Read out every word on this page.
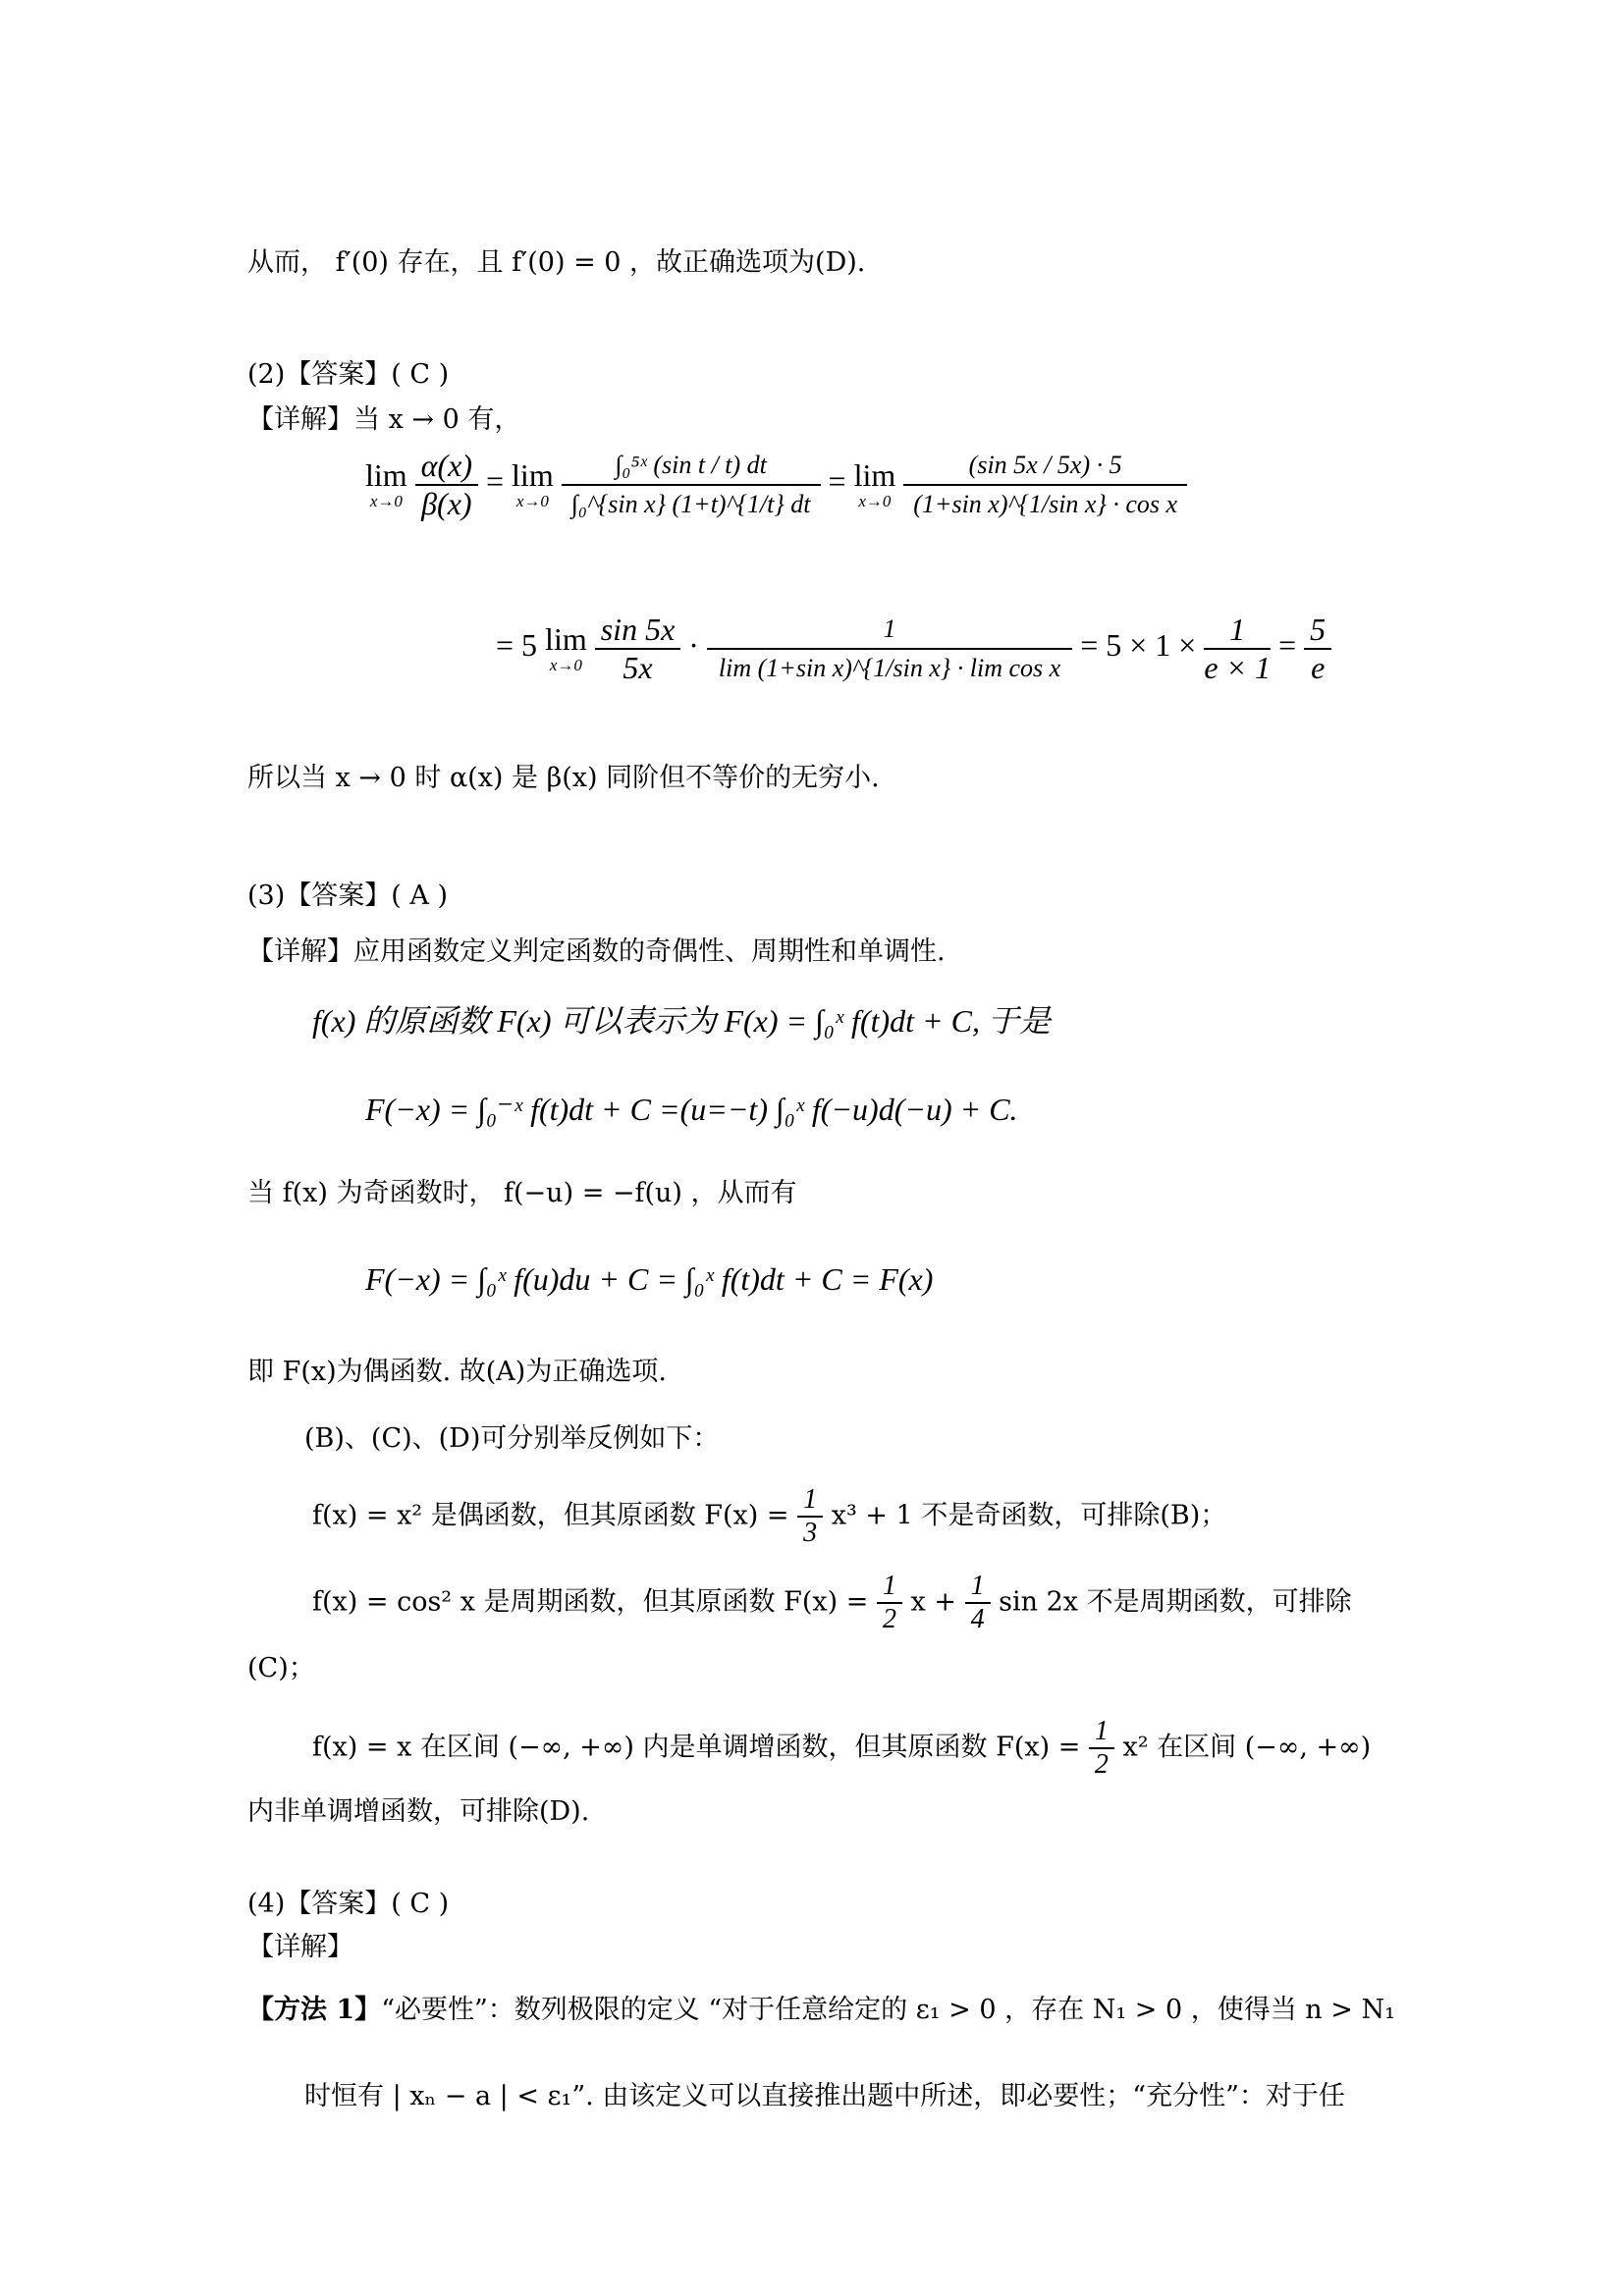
从而， f′(0) 存在，且 f′(0) = 0 ，故正确选项为(D).
(2)【答案】( C )
【详解】当 x → 0 有，
lim
x→0
$\frac{\alpha(x)}{\beta(x)} = \lim$
x→0
$\frac{\text{∫₀⁵ˣ (sin t / t) dt}}{\text{∫₀\textasciicircum{}\{sin x\} (1+t)\textasciicircum{}\{1/t\} dt}} = \lim$
x→0
$\frac{(\sin 5x / 5x) \cdot 5}{\text{(1+sin x)\textasciicircum{}\{1/sin x\} · cos x}}$
= 5 lim
x→0
$\frac{\sin 5x}{5x} \cdot \frac{1}{\text{lim (1+sin x)\textasciicircum{}\{1/sin x\} · lim cos x}} = 5 \times 1 \times \frac{1}{e \times 1} = \frac{5}{e}$
所以当 x → 0 时 α(x) 是 β(x) 同阶但不等价的无穷小.
(3)【答案】( A )
【详解】应用函数定义判定函数的奇偶性、周期性和单调性.
f(x) 的原函数 F(x) 可以表示为 F(x) = ∫₀ˣ f(t)dt + C, 于是
F(−x) = ∫₀⁻ˣ f(t)dt + C =(u=−t) ∫₀ˣ f(−u)d(−u) + C.
当 f(x) 为奇函数时， f(−u) = −f(u) ，从而有
F(−x) = ∫₀ˣ f(u)du + C = ∫₀ˣ f(t)dt + C = F(x)
即 F(x)为偶函数. 故(A)为正确选项.
(B)、(C)、(D)可分别举反例如下：
f(x) = x² 是偶函数，但其原函数 $F(x) = \frac{1}{3} x^3 + 1$ 不是奇函数，可排除(B)；
f(x) = cos² x 是周期函数，但其原函数 $F(x) = \frac{1}{2}$ $x + \frac{1}{4}$ sin 2x 不是周期函数，可排除
(C)；
f(x) = x 在区间 (−∞, +∞) 内是单调增函数，但其原函数 $F(x) = \frac{1}{2} x^2$ 在区间 (−∞, +∞)
内非单调增函数，可排除(D).
(4)【答案】( C )
【详解】
【方法 1】“必要性”：数列极限的定义 “对于任意给定的 ε₁ > 0 ，存在 N₁ > 0 ，使得当 n > N₁
时恒有 | xₙ − a | < ε₁”. 由该定义可以直接推出题中所述，即必要性；“充分性”：对于任
